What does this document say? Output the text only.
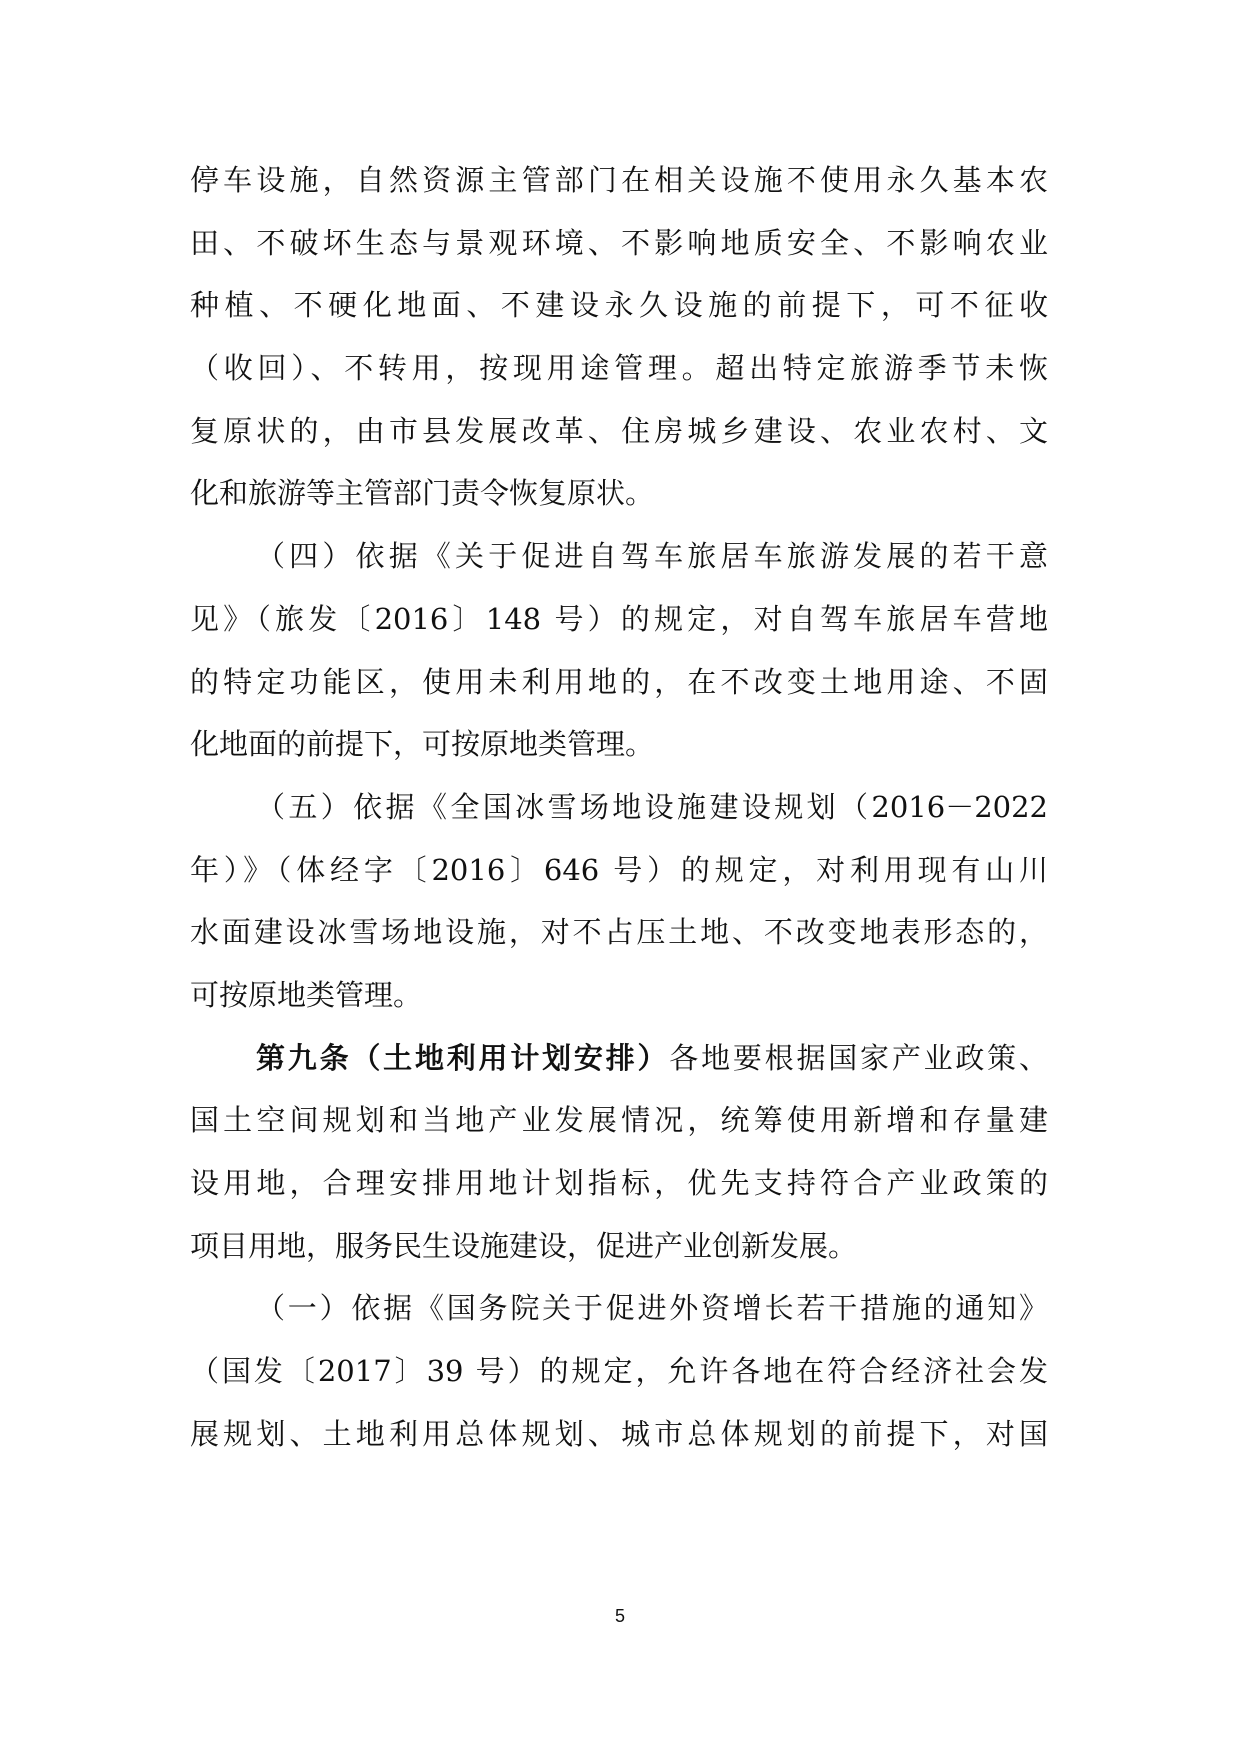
停车设施，自然资源主管部门在相关设施不使用永久基本农
田、不破坏生态与景观环境、不影响地质安全、不影响农业
种植、不硬化地面、不建设永久设施的前提下，可不征收
（收回）、不转用，按现用途管理。超出特定旅游季节未恢
复原状的，由市县发展改革、住房城乡建设、农业农村、文
化和旅游等主管部门责令恢复原状。
（四）依据《关于促进自驾车旅居车旅游发展的若干意
见》（旅发〔2016〕148 号）的规定，对自驾车旅居车营地
的特定功能区，使用未利用地的，在不改变土地用途、不固
化地面的前提下，可按原地类管理。
（五）依据《全国冰雪场地设施建设规划（2016－2022
年）》（体经字〔2016〕646 号）的规定，对利用现有山川
水面建设冰雪场地设施，对不占压土地、不改变地表形态的，
可按原地类管理。
第九条（土地利用计划安排）各地要根据国家产业政策、
国土空间规划和当地产业发展情况，统筹使用新增和存量建
设用地，合理安排用地计划指标，优先支持符合产业政策的
项目用地，服务民生设施建设，促进产业创新发展。
（一）依据《国务院关于促进外资增长若干措施的通知》
（国发〔2017〕39 号）的规定，允许各地在符合经济社会发
展规划、土地利用总体规划、城市总体规划的前提下，对国
5
